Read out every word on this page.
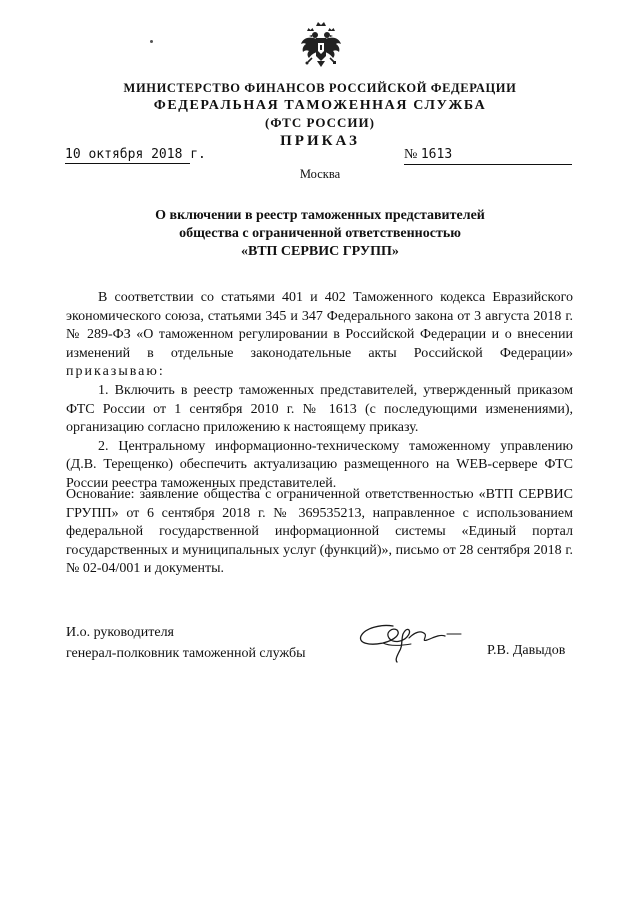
МИНИСТЕРСТВО ФИНАНСОВ РОССИЙСКОЙ ФЕДЕРАЦИИ
ФЕДЕРАЛЬНАЯ ТАМОЖЕННАЯ СЛУЖБА
(ФТС РОССИИ)
ПРИКАЗ
10 октября 2018 г.	№ 1613
Москва
О включении в реестр таможенных представителей
общества с ограниченной ответственностью
«ВТП СЕРВИС ГРУПП»

В соответствии со статьями 401 и 402 Таможенного кодекса Евразийского экономического союза, статьями 345 и 347 Федерального закона от 3 августа 2018 г. № 289-ФЗ «О таможенном регулировании в Российской Федерации и о внесении изменений в отдельные законодательные акты Российской Федерации» приказываю:

1. Включить в реестр таможенных представителей, утвержденный приказом ФТС России от 1 сентября 2010 г. № 1613 (с последующими изменениями), организацию согласно приложению к настоящему приказу.

2. Центральному информационно-техническому таможенному управлению (Д.В. Терещенко) обеспечить актуализацию размещенного на WEB-сервере ФТС России реестра таможенных представителей.

Основание: заявление общества с ограниченной ответственностью «ВТП СЕРВИС ГРУПП» от 6 сентября 2018 г. № 369535213, направленное с использованием федеральной государственной информационной системы «Единый портал государственных и муниципальных услуг (функций)», письмо от 28 сентября 2018 г. № 02-04/001 и документы.
И.о. руководителя
генерал-полковник таможенной службы	Р.В. Давыдов
